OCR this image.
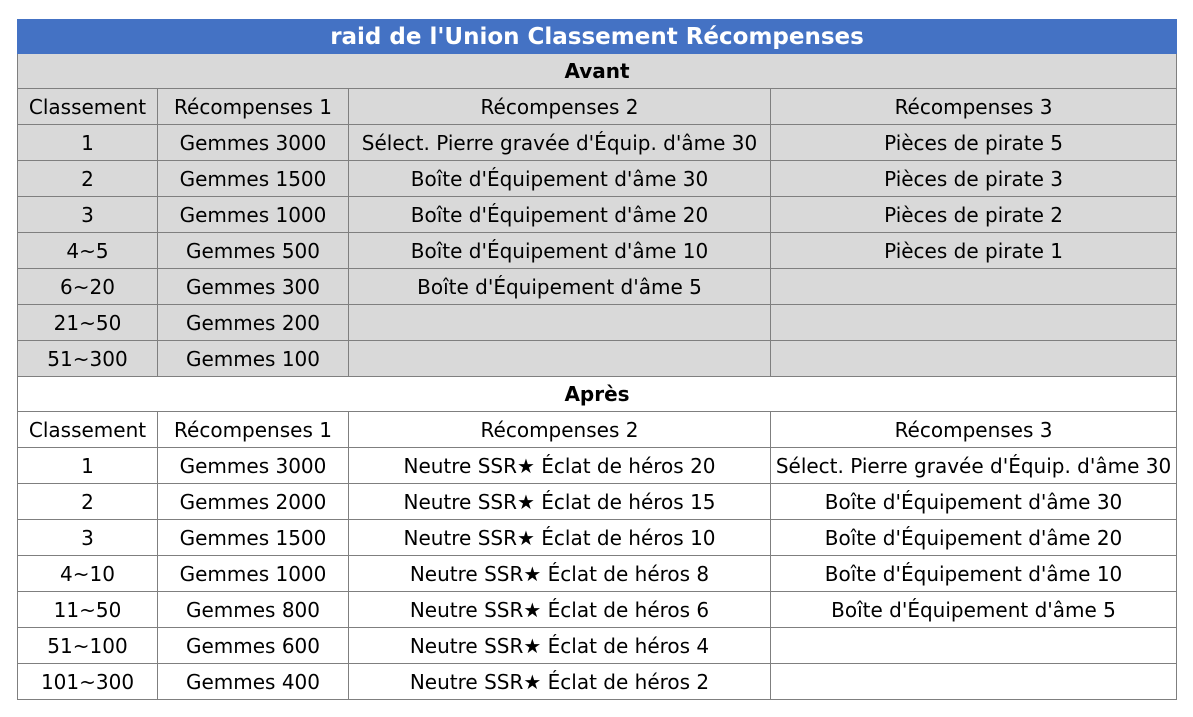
raid de l'Union Classement Récompenses			
Avant			
Classement	Récompenses 1	Récompenses 2	Récompenses 3
1	Gemmes 3000	Sélect. Pierre gravée d'Équip. d'âme 30	Pièces de pirate 5
2	Gemmes 1500	Boîte d'Équipement d'âme 30	Pièces de pirate 3
3	Gemmes 1000	Boîte d'Équipement d'âme 20	Pièces de pirate 2
4~5	Gemmes 500	Boîte d'Équipement d'âme 10	Pièces de pirate 1
6~20	Gemmes 300	Boîte d'Équipement d'âme 5	
21~50	Gemmes 200		
51~300	Gemmes 100		
Après			
Classement	Récompenses 1	Récompenses 2	Récompenses 3
1	Gemmes 3000	Neutre SSR★ Éclat de héros 20	Sélect. Pierre gravée d'Équip. d'âme 30
2	Gemmes 2000	Neutre SSR★ Éclat de héros 15	Boîte d'Équipement d'âme 30
3	Gemmes 1500	Neutre SSR★ Éclat de héros 10	Boîte d'Équipement d'âme 20
4~10	Gemmes 1000	Neutre SSR★ Éclat de héros 8	Boîte d'Équipement d'âme 10
11~50	Gemmes 800	Neutre SSR★ Éclat de héros 6	Boîte d'Équipement d'âme 5
51~100	Gemmes 600	Neutre SSR★ Éclat de héros 4	
101~300	Gemmes 400	Neutre SSR★ Éclat de héros 2	
